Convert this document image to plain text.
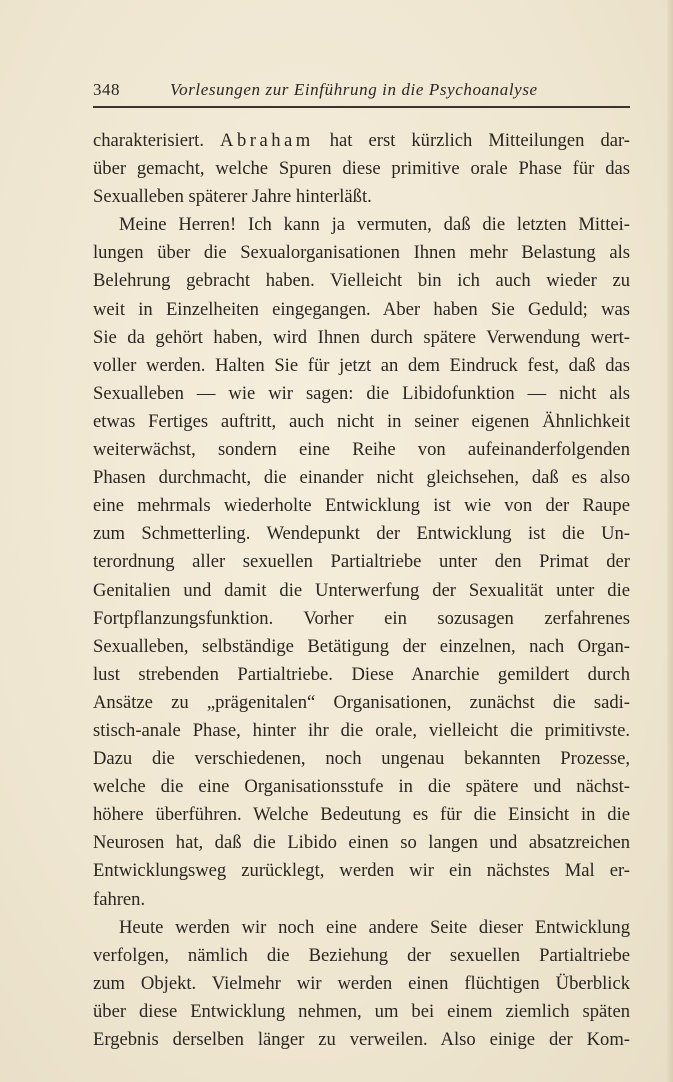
348	Vorlesungen zur Einführung in die Psychoanalyse
charakterisiert. Abraham hat erst kürzlich Mitteilungen dar-
über gemacht, welche Spuren diese primitive orale Phase für das
Sexualleben späterer Jahre hinterläßt.
Meine Herren! Ich kann ja vermuten, daß die letzten Mittei-
lungen über die Sexualorganisationen Ihnen mehr Belastung als
Belehrung gebracht haben. Vielleicht bin ich auch wieder zu
weit in Einzelheiten eingegangen. Aber haben Sie Geduld; was
Sie da gehört haben, wird Ihnen durch spätere Verwendung wert-
voller werden. Halten Sie für jetzt an dem Eindruck fest, daß das
Sexualleben — wie wir sagen: die Libidofunktion — nicht als
etwas Fertiges auftritt, auch nicht in seiner eigenen Ähnlichkeit
weiterwächst, sondern eine Reihe von aufeinanderfolgenden
Phasen durchmacht, die einander nicht gleichsehen, daß es also
eine mehrmals wiederholte Entwicklung ist wie von der Raupe
zum Schmetterling. Wendepunkt der Entwicklung ist die Un-
terordnung aller sexuellen Partialtriebe unter den Primat der
Genitalien und damit die Unterwerfung der Sexualität unter die
Fortpflanzungsfunktion. Vorher ein sozusagen zerfahrenes
Sexualleben, selbständige Betätigung der einzelnen, nach Organ-
lust strebenden Partialtriebe. Diese Anarchie gemildert durch
Ansätze zu „prägenitalen“ Organisationen, zunächst die sadi-
stisch-anale Phase, hinter ihr die orale, vielleicht die primitivste.
Dazu die verschiedenen, noch ungenau bekannten Prozesse,
welche die eine Organisationsstufe in die spätere und nächst-
höhere überführen. Welche Bedeutung es für die Einsicht in die
Neurosen hat, daß die Libido einen so langen und absatzreichen
Entwicklungsweg zurücklegt, werden wir ein nächstes Mal er-
fahren.
Heute werden wir noch eine andere Seite dieser Entwicklung
verfolgen, nämlich die Beziehung der sexuellen Partialtriebe
zum Objekt. Vielmehr wir werden einen flüchtigen Überblick
über diese Entwicklung nehmen, um bei einem ziemlich späten
Ergebnis derselben länger zu verweilen. Also einige der Kom-
